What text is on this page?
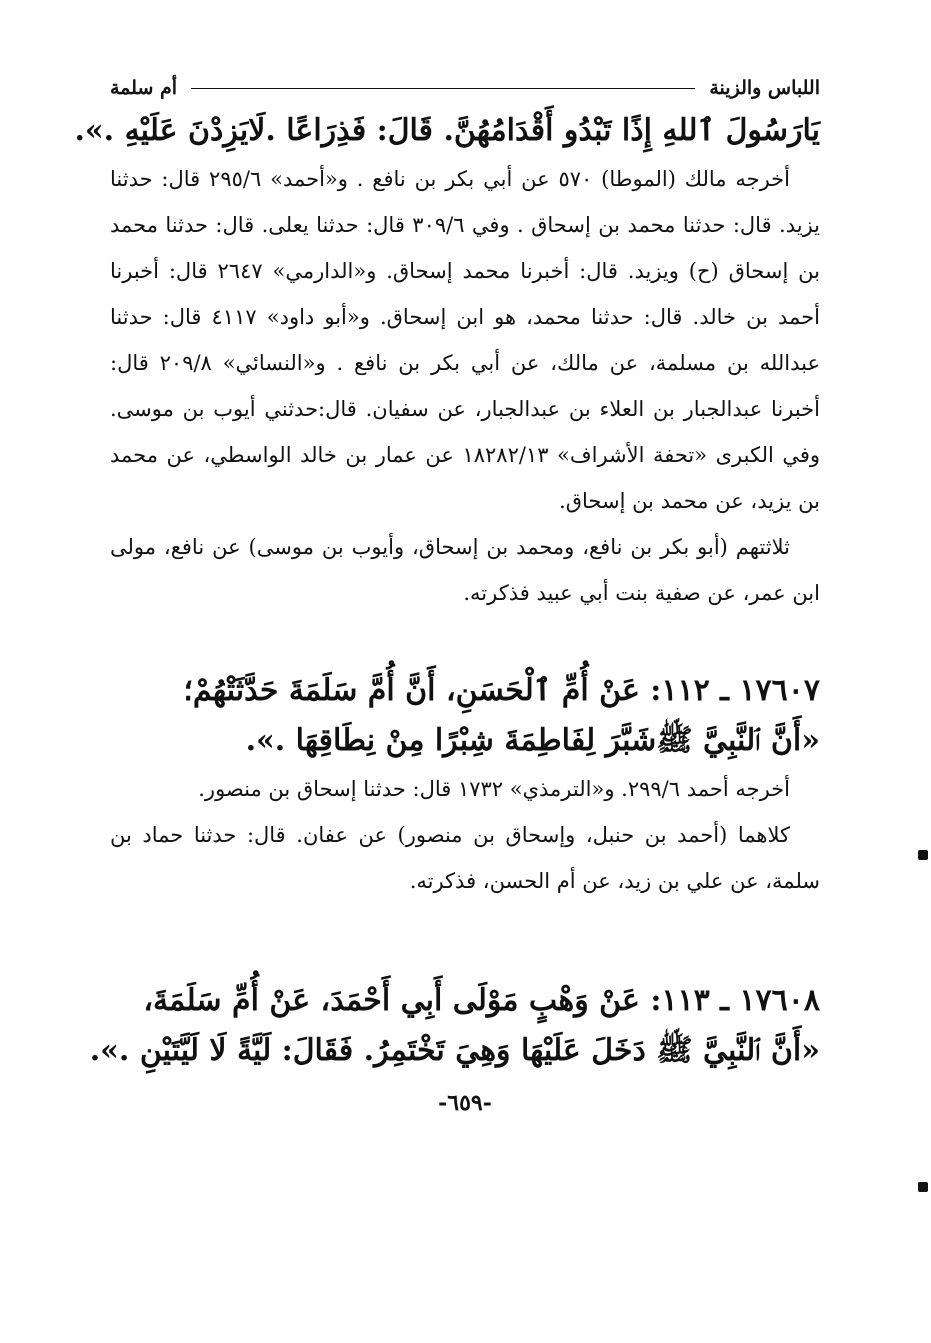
اللباس والزينة
أم سلمة

يَارَسُولَ ٱللهِ إِذًا تَبْدُو أَقْدَامُهُنَّ. قَالَ: فَذِرَاعًا .لَايَزِدْنَ عَلَيْهِ .».

أخرجه مالك (الموطا) ٥٧٠ عن أبي بكر بن نافع . و«أحمد» ٢٩٥/٦ قال: حدثنا يزيد. قال: حدثنا محمد بن إسحاق . وفي ٣٠٩/٦ قال: حدثنا يعلى. قال: حدثنا محمد بن إسحاق (ح) ويزيد. قال: أخبرنا محمد إسحاق. و«الدارمي» ٢٦٤٧ قال: أخبرنا أحمد بن خالد. قال: حدثنا محمد، هو ابن إسحاق. و«أبو داود» ٤١١٧ قال: حدثنا عبدالله بن مسلمة، عن مالك، عن أبي بكر بن نافع . و«النسائي» ٢٠٩/٨ قال: أخبرنا عبدالجبار بن العلاء بن عبدالجبار، عن سفيان. قال:حدثني أيوب بن موسى. وفي الكبرى «تحفة الأشراف» ١٨٢٨٢/١٣ عن عمار بن خالد الواسطي، عن محمد بن يزيد، عن محمد بن إسحاق.

ثلاثتهم (أبو بكر بن نافع، ومحمد بن إسحاق، وأيوب بن موسى) عن نافع، مولى ابن عمر، عن صفية بنت أبي عبيد فذكرته.

١٧٦٠٧ ـ ١١٢: عَنْ أُمِّ ٱلْحَسَنِ، أَنَّ أُمَّ سَلَمَةَ حَدَّثَتْهُمْ؛
«أَنَّ ٱلنَّبِيَّ ﷺشَبَّرَ لِفَاطِمَةَ شِبْرًا مِنْ نِطَاقِهَا .».

أخرجه أحمد ٢٩٩/٦. و«الترمذي» ١٧٣٢ قال: حدثنا إسحاق بن منصور.

كلاهما (أحمد بن حنبل، وإسحاق بن منصور) عن عفان. قال: حدثنا حماد بن سلمة، عن علي بن زيد، عن أم الحسن، فذكرته.

١٧٦٠٨ ـ ١١٣: عَنْ وَهْبٍ مَوْلَى أَبِي أَحْمَدَ، عَنْ أُمِّ سَلَمَةَ،
«أَنَّ ٱلنَّبِيَّ ﷺ دَخَلَ عَلَيْهَا وَهِيَ تَخْتَمِرُ. فَقَالَ: لَيَّةً لَا لَيَّتَيْنِ .».

-٦٥٩-
